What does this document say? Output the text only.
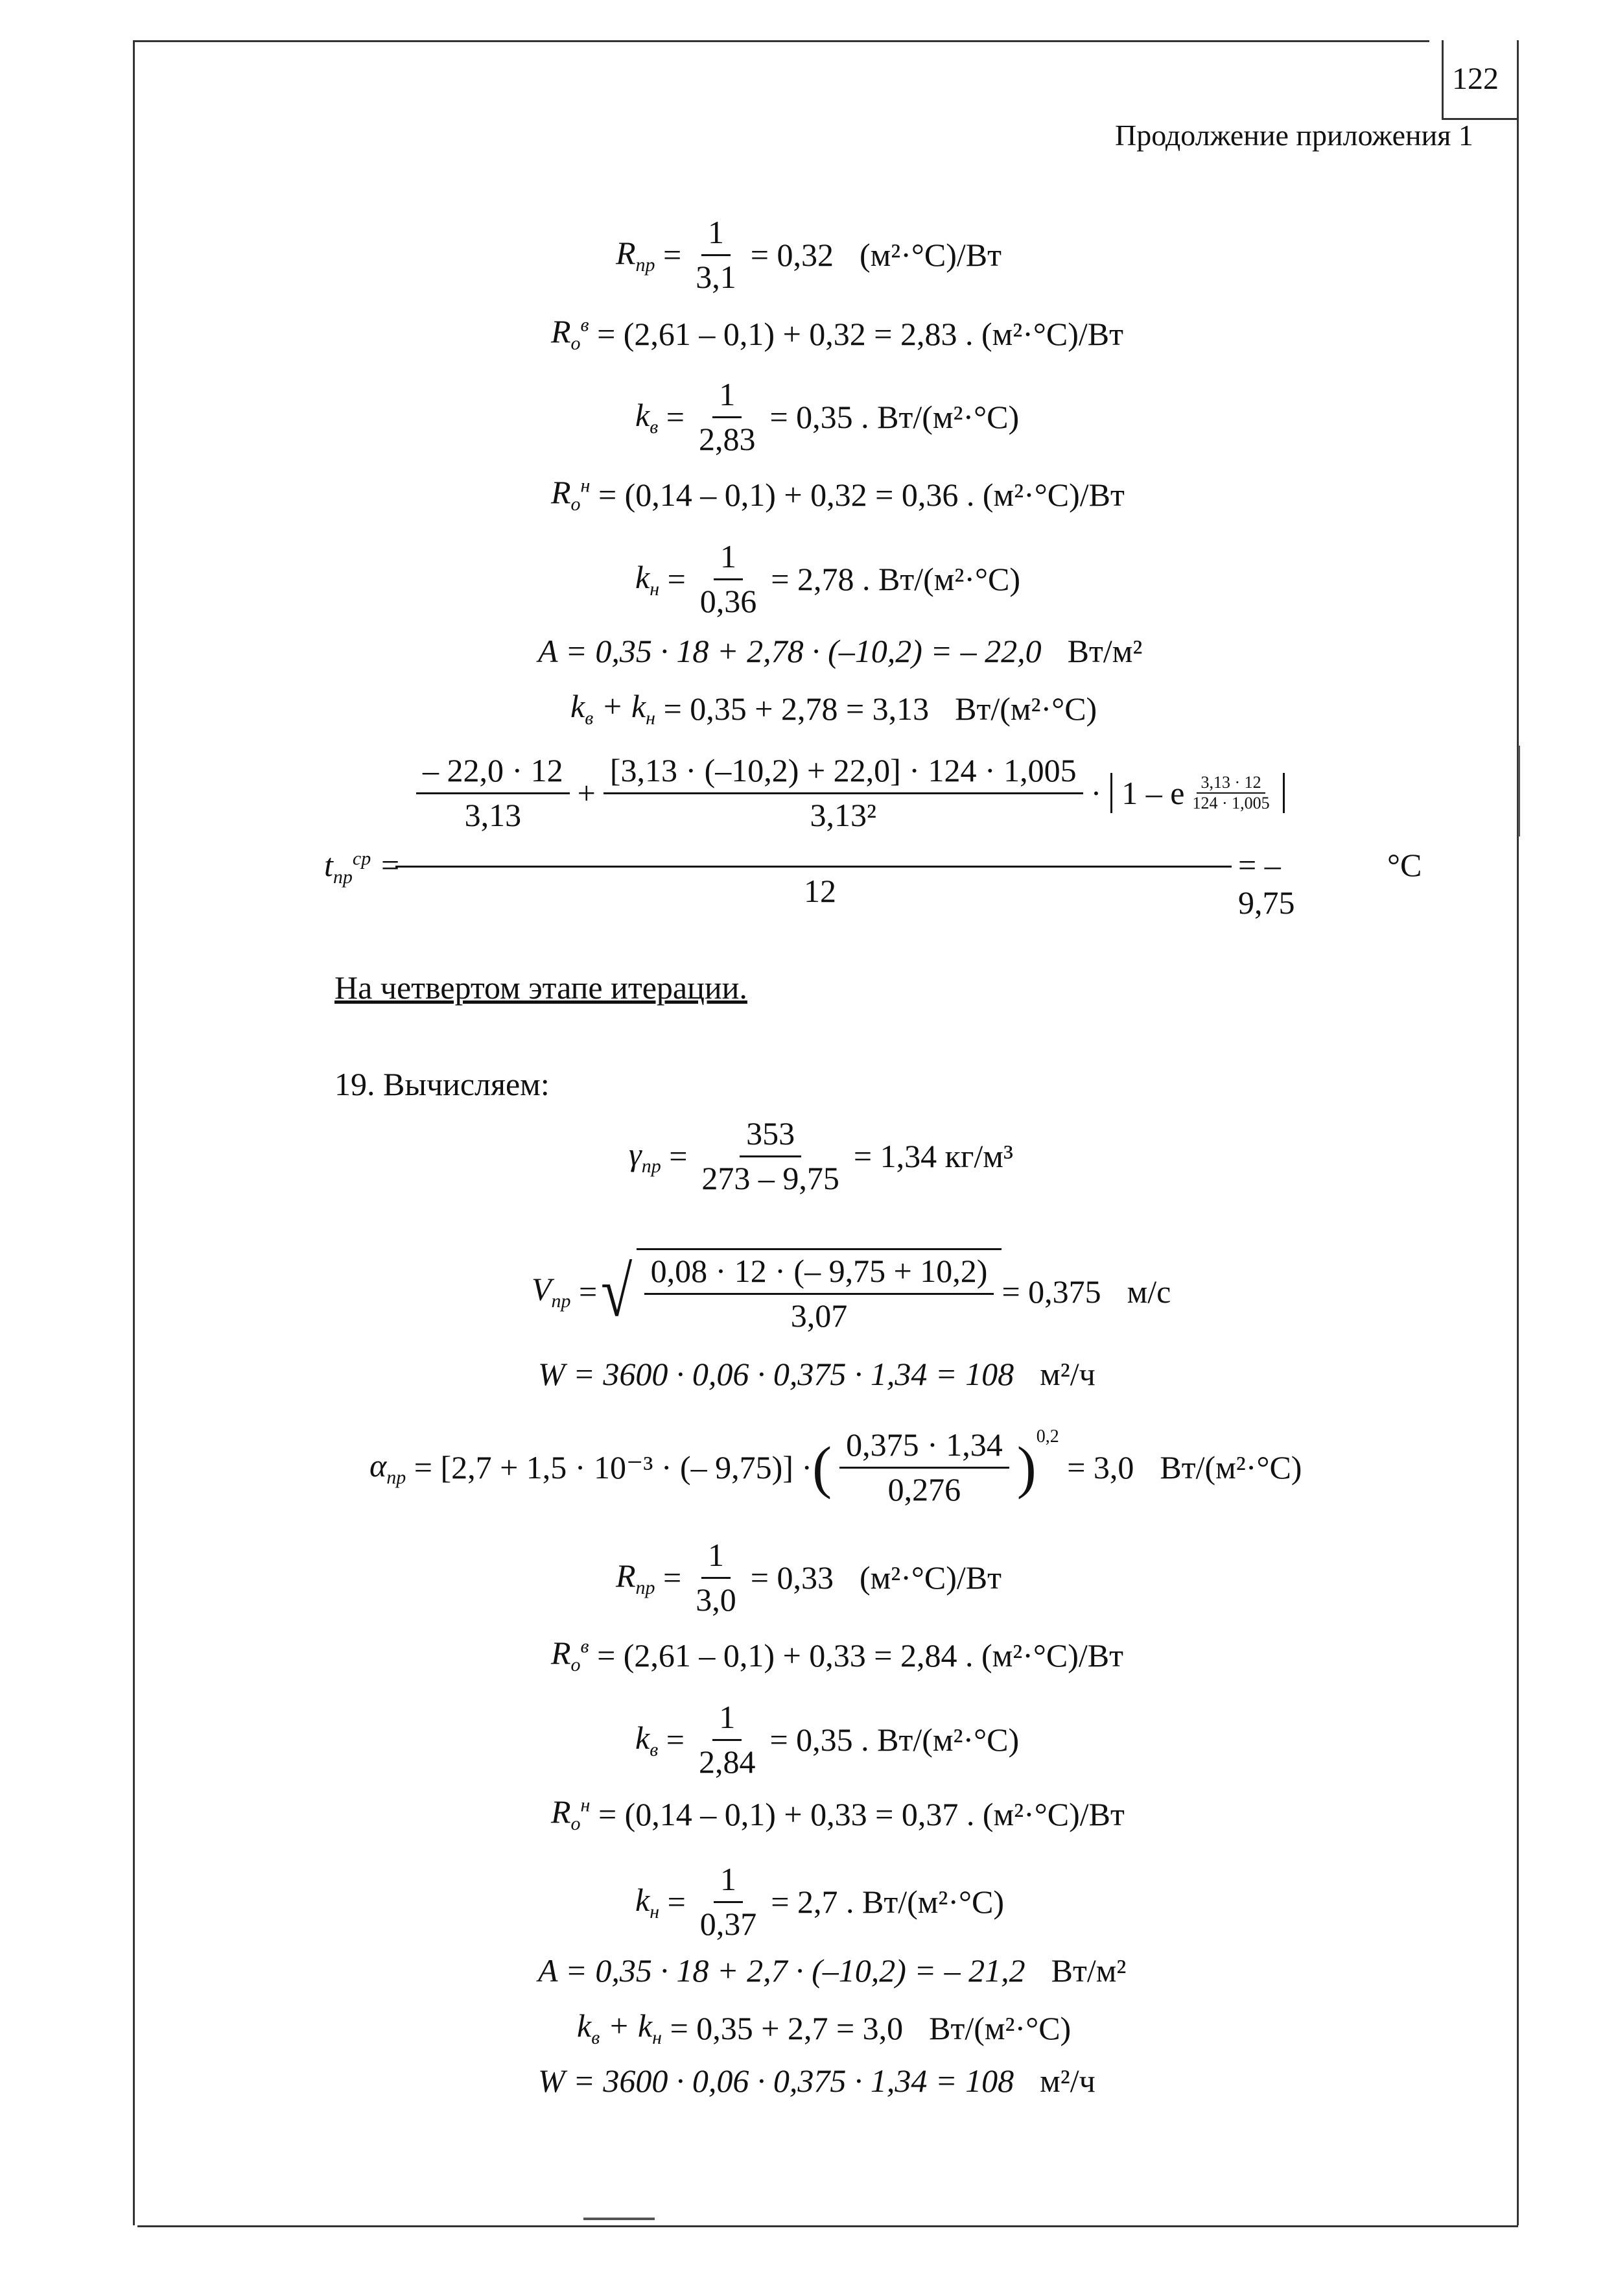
122
Продолжение приложения 1
$R_{пр} = \frac{1}{3,1} = 0,32$ (м²·°С)/Вт
$R_о^в$
= (2,61 – 0,1) + 0,32 = 2,83 .
(м²·°С)/Вт
$k_в = \frac{1}{2,83} = 0,35$ .
Вт/(м²·°С)
$R_о^н$
= (0,14 – 0,1) + 0,32 = 0,36 .
(м²·°С)/Вт
$k_н = \frac{1}{0,36} = 2,78$ .
Вт/(м²·°С)
A = 0,35 · 18 + 2,78 · (–10,2) = – 22,0 Вт/м²
$k_в + k_н$
= 0,35 + 2,78 = 3,13 Вт/(м²·°С)
$\frac{- 22,0 \cdot 12}{3,13} + \frac{[3,13 \cdot (-10,2) + 22,0] \cdot 124 \cdot 1,005}{\text{3,13²}} \cdot 1 - e$ 3,13 · 12
124 · 1,005
$t_{пр}^{ср}$ =
12
= – 9,75
°С
На четвертом этапе итерации.
19. Вычисляем:
$\gamma_{пр} = \frac{353}{273 - 9,75} = 1,34$
кг/м³
$V_{пр}$ = √ $\frac{0,08 \cdot 12 \cdot (- 9,75 + 10,2)}{3,07} = 0,375$ м/с
W = 3600 · 0,06 · 0,375 · 1,34 = 108 м²/ч
$\alpha_{пр}$
= [2,7 + 1,5 · 10⁻³ · (– 9,75)] · ( $\frac{0,375 \cdot 1,34}{0,276} )^{0,2}$

= 3,0 Вт/(м²·°С)
$R_{пр} = \frac{1}{3,0} = 0,33$ (м²·°С)/Вт
$R_о^в$
= (2,61 – 0,1) + 0,33 = 2,84 .
(м²·°С)/Вт
$k_в = \frac{1}{2,84} = 0,35$ .
Вт/(м²·°С)
$R_о^н$
= (0,14 – 0,1) + 0,33 = 0,37 .
(м²·°С)/Вт
$k_н = \frac{1}{0,37} = 2,7$ .
Вт/(м²·°С)
A = 0,35 · 18 + 2,7 · (–10,2) = – 21,2 Вт/м²
$k_в + k_н$
= 0,35 + 2,7 = 3,0 Вт/(м²·°С)
W = 3600 · 0,06 · 0,375 · 1,34 = 108 м²/ч
